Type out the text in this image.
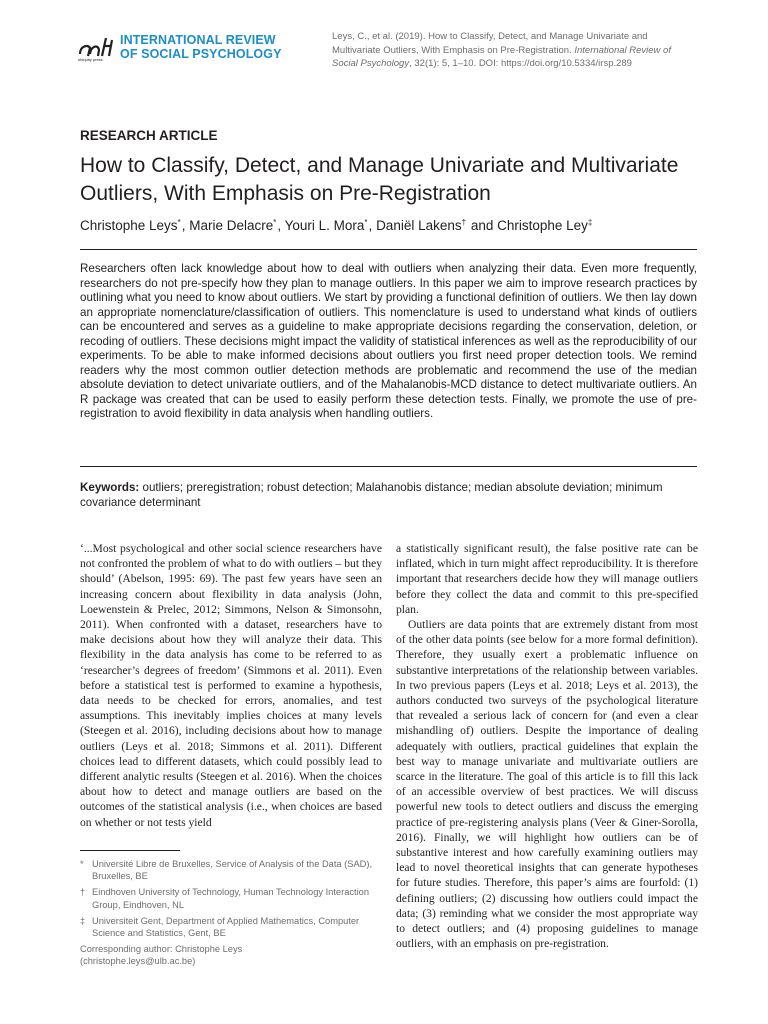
ubiquity press
INTERNATIONAL REVIEW
OF SOCIAL PSYCHOLOGY
Leys, C., et al. (2019). How to Classify, Detect, and Manage Univariate and Multivariate Outliers, With Emphasis on Pre-Registration. International Review of Social Psychology, 32(1): 5, 1–10. DOI: https://doi.org/10.5334/irsp.289
RESEARCH ARTICLE
How to Classify, Detect, and Manage Univariate and Multivariate Outliers, With Emphasis on Pre-Registration
Christophe Leys*, Marie Delacre*, Youri L. Mora*, Daniël Lakens† and Christophe Ley‡
Researchers often lack knowledge about how to deal with outliers when analyzing their data. Even more frequently, researchers do not pre-specify how they plan to manage outliers. In this paper we aim to improve research practices by outlining what you need to know about outliers. We start by providing a functional definition of outliers. We then lay down an appropriate nomenclature/classification of outliers. This nomenclature is used to understand what kinds of outliers can be encountered and serves as a guideline to make appropriate decisions regarding the conservation, deletion, or recoding of outliers. These decisions might impact the validity of statistical inferences as well as the reproducibility of our experiments. To be able to make informed decisions about outliers you first need proper detection tools. We remind readers why the most common outlier detection methods are problematic and recommend the use of the median absolute deviation to detect univariate outliers, and of the Mahalanobis-MCD distance to detect multivariate outliers. An R package was created that can be used to easily perform these detection tests. Finally, we promote the use of pre-registration to avoid flexibility in data analysis when handling outliers.
Keywords: outliers; preregistration; robust detection; Malahanobis distance; median absolute deviation; minimum covariance determinant

‘...Most psychological and other social science researchers have not confronted the problem of what to do with outliers – but they should’ (Abelson, 1995: 69). The past few years have seen an increasing concern about flexibility in data analysis (John, Loewenstein & Prelec, 2012; Simmons, Nelson & Simonsohn, 2011). When confronted with a dataset, researchers have to make decisions about how they will analyze their data. This flexibility in the data analysis has come to be referred to as ‘researcher’s degrees of freedom’ (Simmons et al. 2011). Even before a statistical test is performed to examine a hypothesis, data needs to be checked for errors, anomalies, and test assumptions. This inevitably implies choices at many levels (Steegen et al. 2016), including decisions about how to manage outliers (Leys et al. 2018; Simmons et al. 2011). Different choices lead to different datasets, which could possibly lead to different analytic results (Steegen et al. 2016). When the choices about how to detect and manage outliers are based on the outcomes of the statistical analysis (i.e., when choices are based on whether or not tests yield

* Université Libre de Bruxelles, Service of Analysis of the Data (SAD), Bruxelles, BE
† Eindhoven University of Technology, Human Technology Interaction Group, Eindhoven, NL
‡ Universiteit Gent, Department of Applied Mathematics, Computer Science and Statistics, Gent, BE
Corresponding author: Christophe Leys
(christophe.leys@ulb.ac.be)

a statistically significant result), the false positive rate can be inflated, which in turn might affect reproducibility. It is therefore important that researchers decide how they will manage outliers before they collect the data and commit to this pre-specified plan.

Outliers are data points that are extremely distant from most of the other data points (see below for a more formal definition). Therefore, they usually exert a problematic influence on substantive interpretations of the relationship between variables. In two previous papers (Leys et al. 2018; Leys et al. 2013), the authors conducted two surveys of the psychological literature that revealed a serious lack of concern for (and even a clear mishandling of) outliers. Despite the importance of dealing adequately with outliers, practical guidelines that explain the best way to manage univariate and multivariate outliers are scarce in the literature. The goal of this article is to fill this lack of an accessible overview of best practices. We will discuss powerful new tools to detect outliers and discuss the emerging practice of pre-registering analysis plans (Veer & Giner-Sorolla, 2016). Finally, we will highlight how outliers can be of substantive interest and how carefully examining outliers may lead to novel theoretical insights that can generate hypotheses for future studies. Therefore, this paper’s aims are fourfold: (1) defining outliers; (2) discussing how outliers could impact the data; (3) reminding what we consider the most appropriate way to detect outliers; and (4) proposing guidelines to manage outliers, with an emphasis on pre-registration.
